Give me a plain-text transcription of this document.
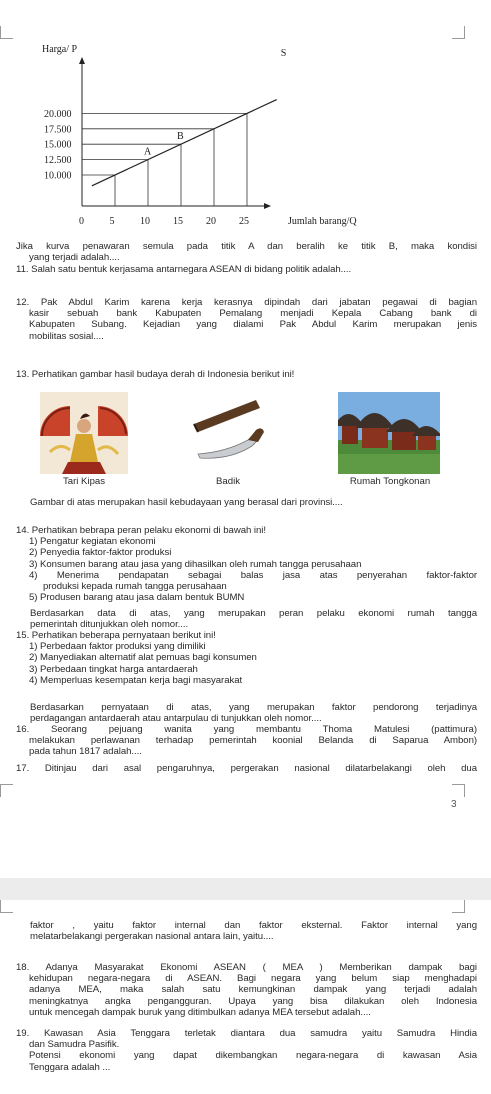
10.000
12.500
15.000
17.500
20.000
0	5	10 15 20 25
Harga/ P	S
Jumlah barang/Q
A
B
Jika kurva penawaran semula pada titik A dan beralih ke titik B, maka kondisi
yang terjadi adalah....
11. Salah satu bentuk kerjasama antarnegara ASEAN di bidang politik adalah....
12. Pak Abdul Karim karena kerja kerasnya dipindah dari jabatan pegawai di bagian
kasir sebuah bank Kabupaten Pemalang menjadi Kepala Cabang bank di
Kabupaten Subang. Kejadian yang dialami Pak Abdul Karim merupakan jenis
mobilitas sosial....
13. Perhatikan gambar hasil budaya derah di Indonesia berikut ini!
Tari Kipas	Badik	Rumah Tongkonan
Gambar di atas merupakan hasil kebudayaan yang berasal dari provinsi....
14. Perhatikan bebrapa peran pelaku ekonomi di bawah ini!
1) Pengatur kegiatan ekonomi
2) Penyedia faktor-faktor produksi
3) Konsumen barang atau jasa yang dihasilkan oleh rumah tangga perusahaan
4) Menerima pendapatan sebagai balas jasa atas penyerahan faktor-faktor
produksi kepada rumah tangga perusahaan
5) Produsen barang atau jasa dalam bentuk BUMN
Berdasarkan data di atas, yang merupakan peran pelaku ekonomi rumah tangga
pemerintah ditunjukkan oleh nomor....
15. Perhatikan beberapa pernyataan berikut ini!
1) Perbedaan faktor produksi yang dimiliki
2) Manyediakan alternatif alat pemuas bagi konsumen
3) Perbedaan tingkat harga antardaerah
4) Memperluas kesempatan kerja bagi masyarakat
Berdasarkan pernyataan di atas, yang merupakan faktor pendorong terjadinya
perdagangan antardaerah atau antarpulau di tunjukkan oleh nomor....
16. Seorang pejuang wanita yang membantu Thoma Matulesi (pattimura)
melakukan perlawanan terhadap pemerintah koonial Belanda di Saparua Ambon)
pada tahun 1817 adalah....
17. Ditinjau dari asal pengaruhnya, pergerakan nasional dilatarbelakangi oleh dua
3
faktor , yaitu faktor internal dan faktor eksternal. Faktor internal yang
melatarbelakangi pergerakan nasional antara lain, yaitu....
18. Adanya Masyarakat Ekonomi ASEAN ( MEA ) Memberikan dampak bagi
kehidupan negara-negara di ASEAN. Bagi negara yang belum siap menghadapi
adanya MEA, maka salah satu kemungkinan dampak yang terjadi adalah
meningkatnya angka pengangguran. Upaya yang bisa dilakukan oleh Indonesia
untuk mencegah dampak buruk yang ditimbulkan adanya MEA tersebut adalah....
19. Kawasan Asia Tenggara terletak diantara dua samudra yaitu Samudra Hindia
dan Samudra Pasifik.
Potensi ekonomi yang dapat dikembangkan negara-negara di kawasan Asia
Tenggara adalah ...
